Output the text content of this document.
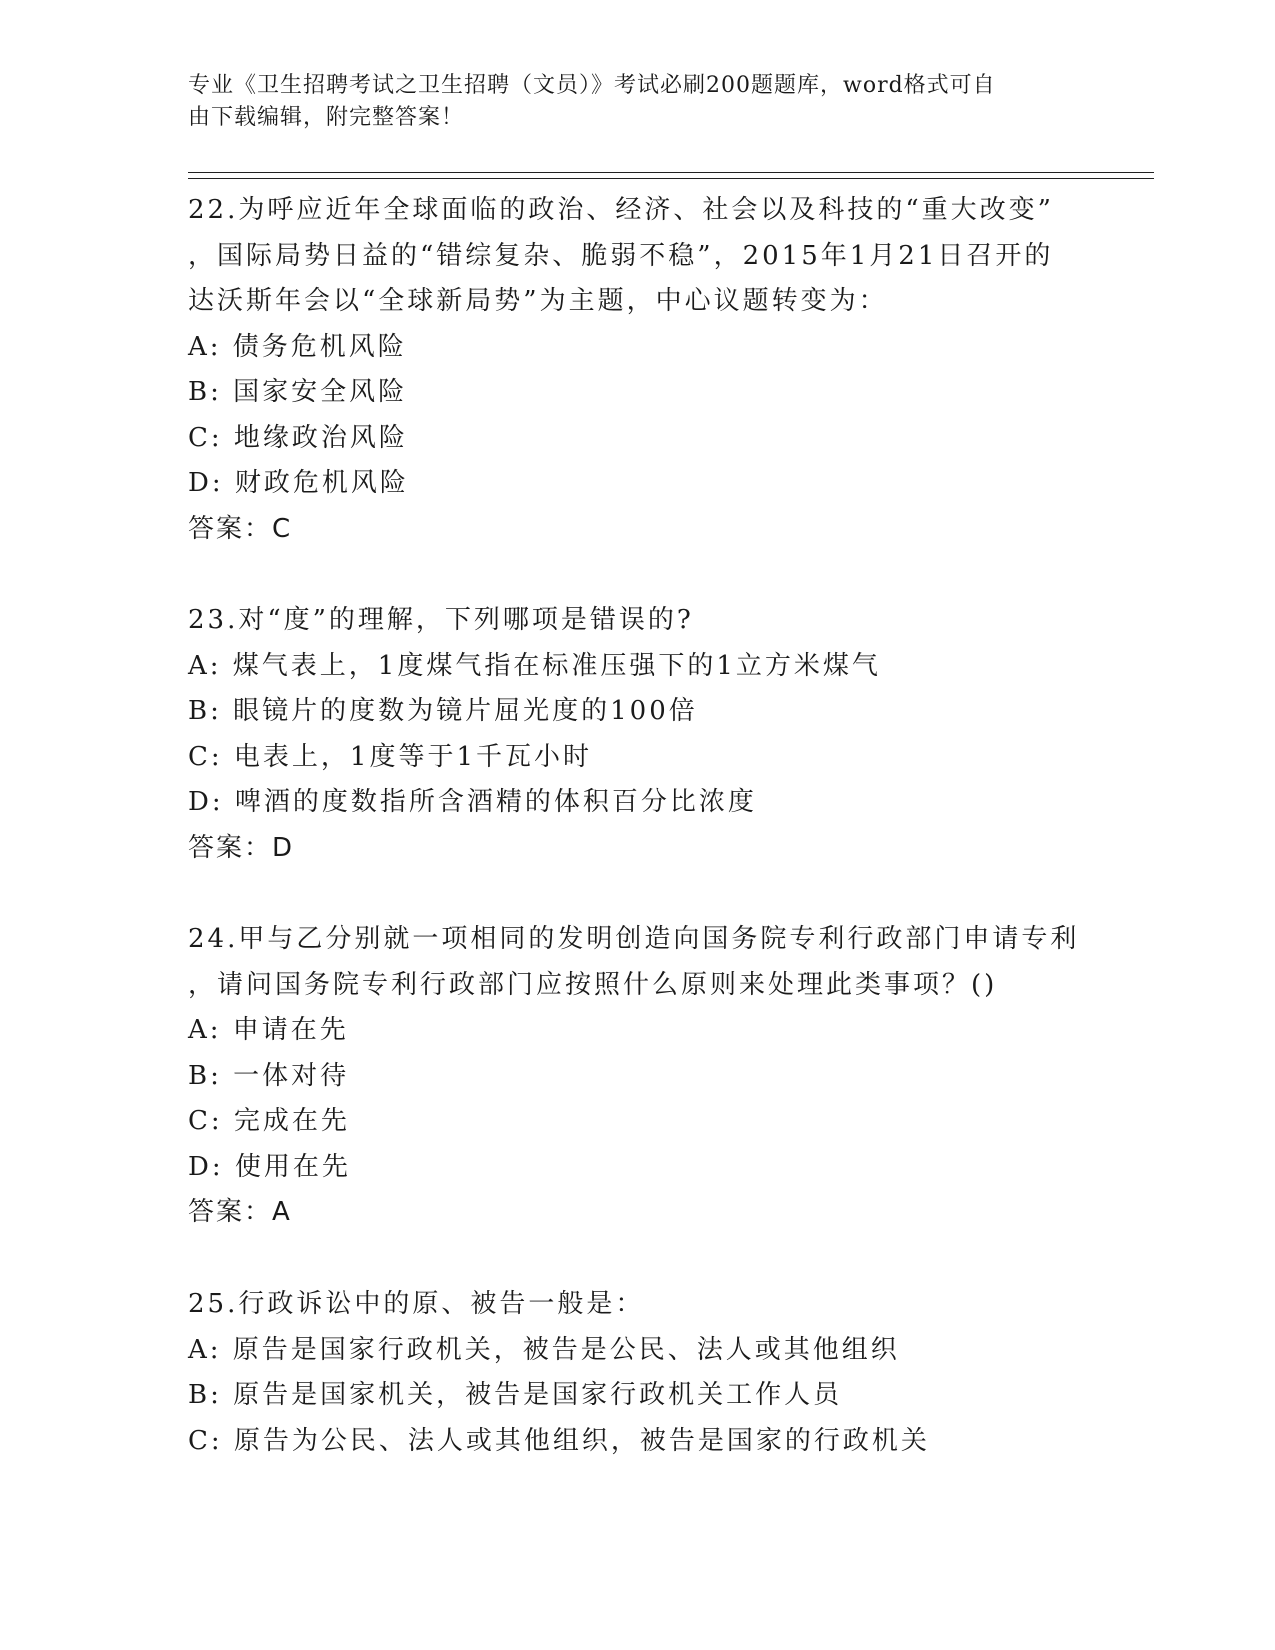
专业《卫生招聘考试之卫生招聘（文员）》考试必刷200题题库，word格式可自
由下载编辑，附完整答案！
22.为呼应近年全球面临的政治、经济、社会以及科技的“重大改变”
，国际局势日益的“错综复杂、脆弱不稳”，2015年1月21日召开的
达沃斯年会以“全球新局势”为主题，中心议题转变为：
A: 债务危机风险
B: 国家安全风险
C: 地缘政治风险
D: 财政危机风险
答案：C
23.对“度”的理解，下列哪项是错误的?
A: 煤气表上，1度煤气指在标准压强下的1立方米煤气
B: 眼镜片的度数为镜片屈光度的100倍
C: 电表上，1度等于1千瓦小时
D: 啤酒的度数指所含酒精的体积百分比浓度
答案：D
24.甲与乙分别就一项相同的发明创造向国务院专利行政部门申请专利
，请问国务院专利行政部门应按照什么原则来处理此类事项？()
A: 申请在先
B: 一体对待
C: 完成在先
D: 使用在先
答案：A
25.行政诉讼中的原、被告一般是：
A: 原告是国家行政机关，被告是公民、法人或其他组织
B: 原告是国家机关，被告是国家行政机关工作人员
C: 原告为公民、法人或其他组织，被告是国家的行政机关
